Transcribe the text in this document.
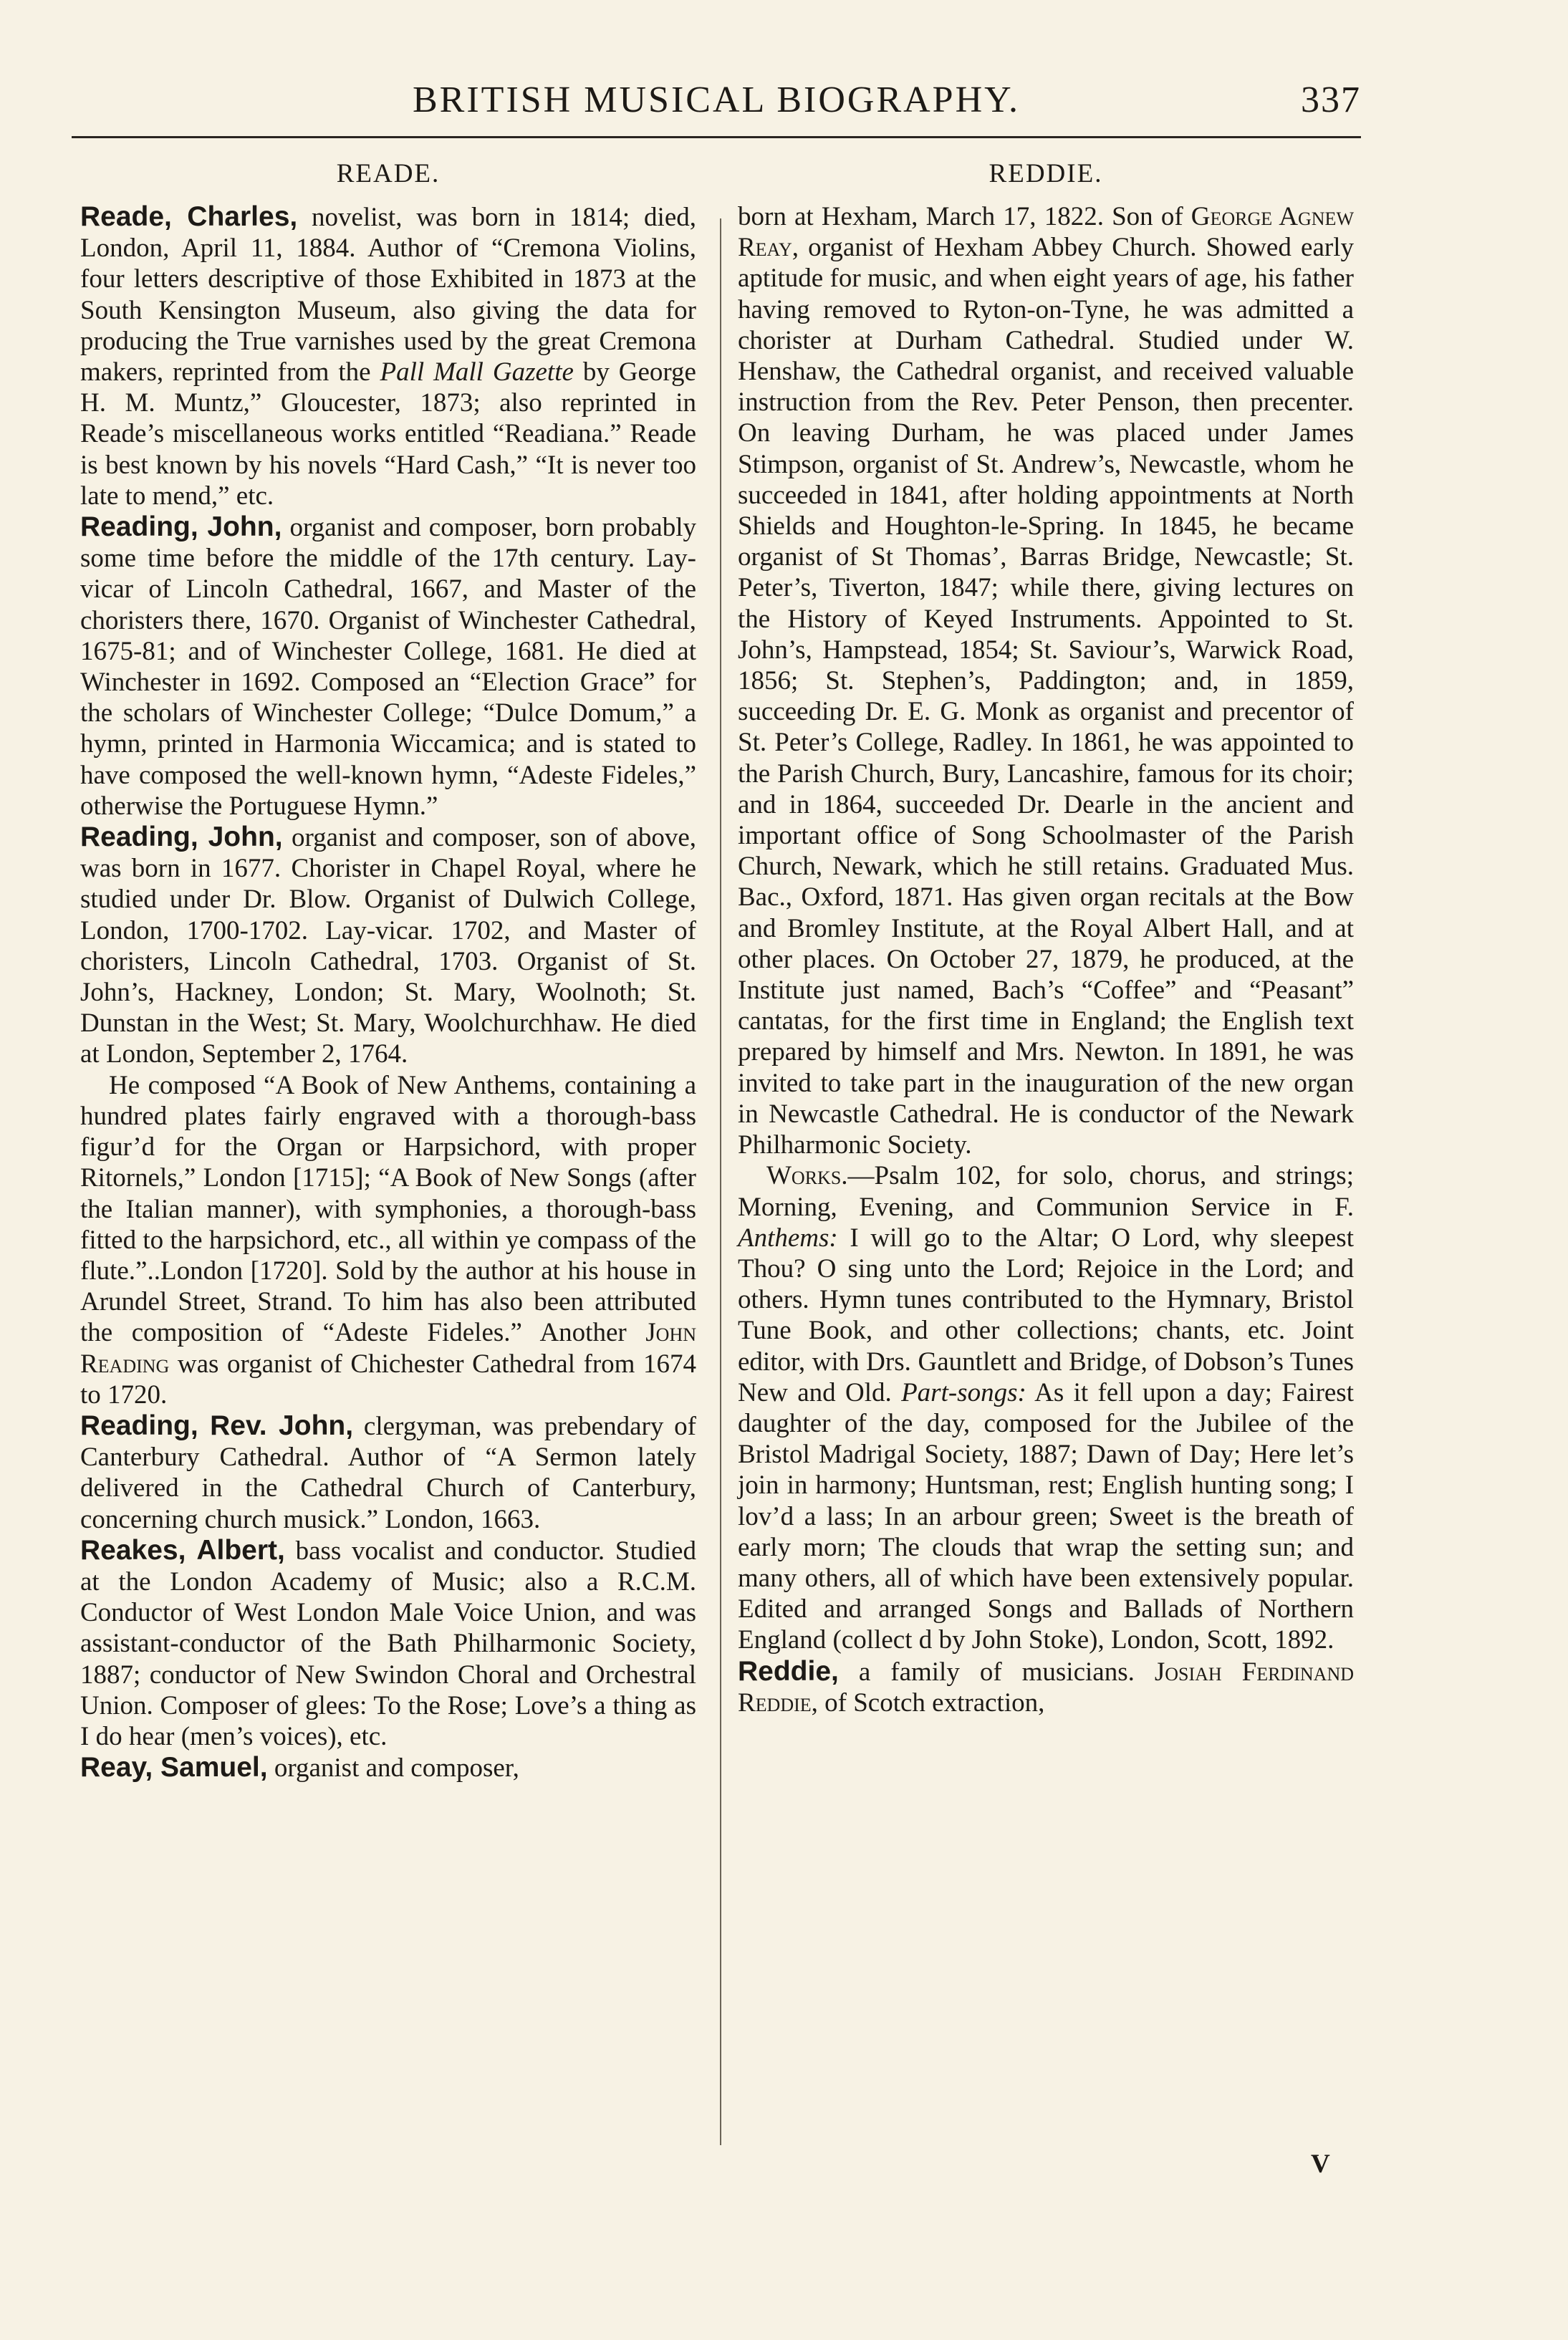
BRITISH MUSICAL BIOGRAPHY.	337
READE.

Reade, Charles, novelist, was born in 1814; died, London, April 11, 1884. Author of “Cremona Violins, four letters descriptive of those Exhibited in 1873 at the South Kensington Museum, also giving the data for producing the True varnishes used by the great Cremona makers, reprinted from the Pall Mall Gazette by George H. M. Muntz,” Gloucester, 1873; also reprinted in Reade’s miscellaneous works entitled “Readiana.” Reade is best known by his novels “Hard Cash,” “It is never too late to mend,” etc.

Reading, John, organist and composer, born probably some time before the middle of the 17th century. Lay-vicar of Lincoln Cathedral, 1667, and Master of the choristers there, 1670. Organist of Winchester Cathedral, 1675-81; and of Winchester College, 1681. He died at Winchester in 1692. Composed an “Election Grace” for the scholars of Winchester College; “Dulce Domum,” a hymn, printed in Harmonia Wiccamica; and is stated to have composed the well-known hymn, “Adeste Fideles,” otherwise the Portuguese Hymn.”

Reading, John, organist and composer, son of above, was born in 1677. Chorister in Chapel Royal, where he studied under Dr. Blow. Organist of Dulwich College, London, 1700-1702. Lay-vicar. 1702, and Master of choristers, Lincoln Cathedral, 1703. Organist of St. John’s, Hackney, London; St. Mary, Woolnoth; St. Dunstan in the West; St. Mary, Woolchurchhaw. He died at London, September 2, 1764.

He composed “A Book of New Anthems, containing a hundred plates fairly engraved with a thorough-bass figur’d for the Organ or Harpsichord, with proper Ritornels,” London [1715]; “A Book of New Songs (after the Italian manner), with symphonies, a thorough-bass fitted to the harpsichord, etc., all within ye compass of the flute.”..London [1720]. Sold by the author at his house in Arundel Street, Strand. To him has also been attributed the composition of “Adeste Fideles.” Another John Reading was organist of Chichester Cathedral from 1674 to 1720.

Reading, Rev. John, clergyman, was prebendary of Canterbury Cathedral. Author of “A Sermon lately delivered in the Cathedral Church of Canterbury, concerning church musick.” London, 1663.

Reakes, Albert, bass vocalist and conductor. Studied at the London Academy of Music; also a R.C.M. Conductor of West London Male Voice Union, and was assistant-conductor of the Bath Philharmonic Society, 1887; conductor of New Swindon Choral and Orchestral Union. Composer of glees: To the Rose; Love’s a thing as I do hear (men’s voices), etc.

Reay, Samuel, organist and composer,

REDDIE.

born at Hexham, March 17, 1822. Son of George Agnew Reay, organist of Hexham Abbey Church. Showed early aptitude for music, and when eight years of age, his father having removed to Ryton-on-Tyne, he was admitted a chorister at Durham Cathedral. Studied under W. Henshaw, the Cathedral organist, and received valuable instruction from the Rev. Peter Penson, then precenter. On leaving Durham, he was placed under James Stimpson, organist of St. Andrew’s, Newcastle, whom he succeeded in 1841, after holding appointments at North Shields and Houghton-le-Spring. In 1845, he became organist of St Thomas’, Barras Bridge, Newcastle; St. Peter’s, Tiverton, 1847; while there, giving lectures on the History of Keyed Instruments. Appointed to St. John’s, Hampstead, 1854; St. Saviour’s, Warwick Road, 1856; St. Stephen’s, Paddington; and, in 1859, succeeding Dr. E. G. Monk as organist and precentor of St. Peter’s College, Radley. In 1861, he was appointed to the Parish Church, Bury, Lancashire, famous for its choir; and in 1864, succeeded Dr. Dearle in the ancient and important office of Song Schoolmaster of the Parish Church, Newark, which he still retains. Graduated Mus. Bac., Oxford, 1871. Has given organ recitals at the Bow and Bromley Institute, at the Royal Albert Hall, and at other places. On October 27, 1879, he produced, at the Institute just named, Bach’s “Coffee” and “Peasant” cantatas, for the first time in England; the English text prepared by himself and Mrs. Newton. In 1891, he was invited to take part in the inauguration of the new organ in Newcastle Cathedral. He is conductor of the Newark Philharmonic Society.

Works.—Psalm 102, for solo, chorus, and strings; Morning, Evening, and Communion Service in F. Anthems: I will go to the Altar; O Lord, why sleepest Thou? O sing unto the Lord; Rejoice in the Lord; and others. Hymn tunes contributed to the Hymnary, Bristol Tune Book, and other collections; chants, etc. Joint editor, with Drs. Gauntlett and Bridge, of Dobson’s Tunes New and Old. Part-songs: As it fell upon a day; Fairest daughter of the day, composed for the Jubilee of the Bristol Madrigal Society, 1887; Dawn of Day; Here let’s join in harmony; Huntsman, rest; English hunting song; I lov’d a lass; In an arbour green; Sweet is the breath of early morn; The clouds that wrap the setting sun; and many others, all of which have been extensively popular. Edited and arranged Songs and Ballads of Northern England (collect d by John Stoke), London, Scott, 1892.

Reddie, a family of musicians. Josiah Ferdinand Reddie, of Scotch extraction,

V
